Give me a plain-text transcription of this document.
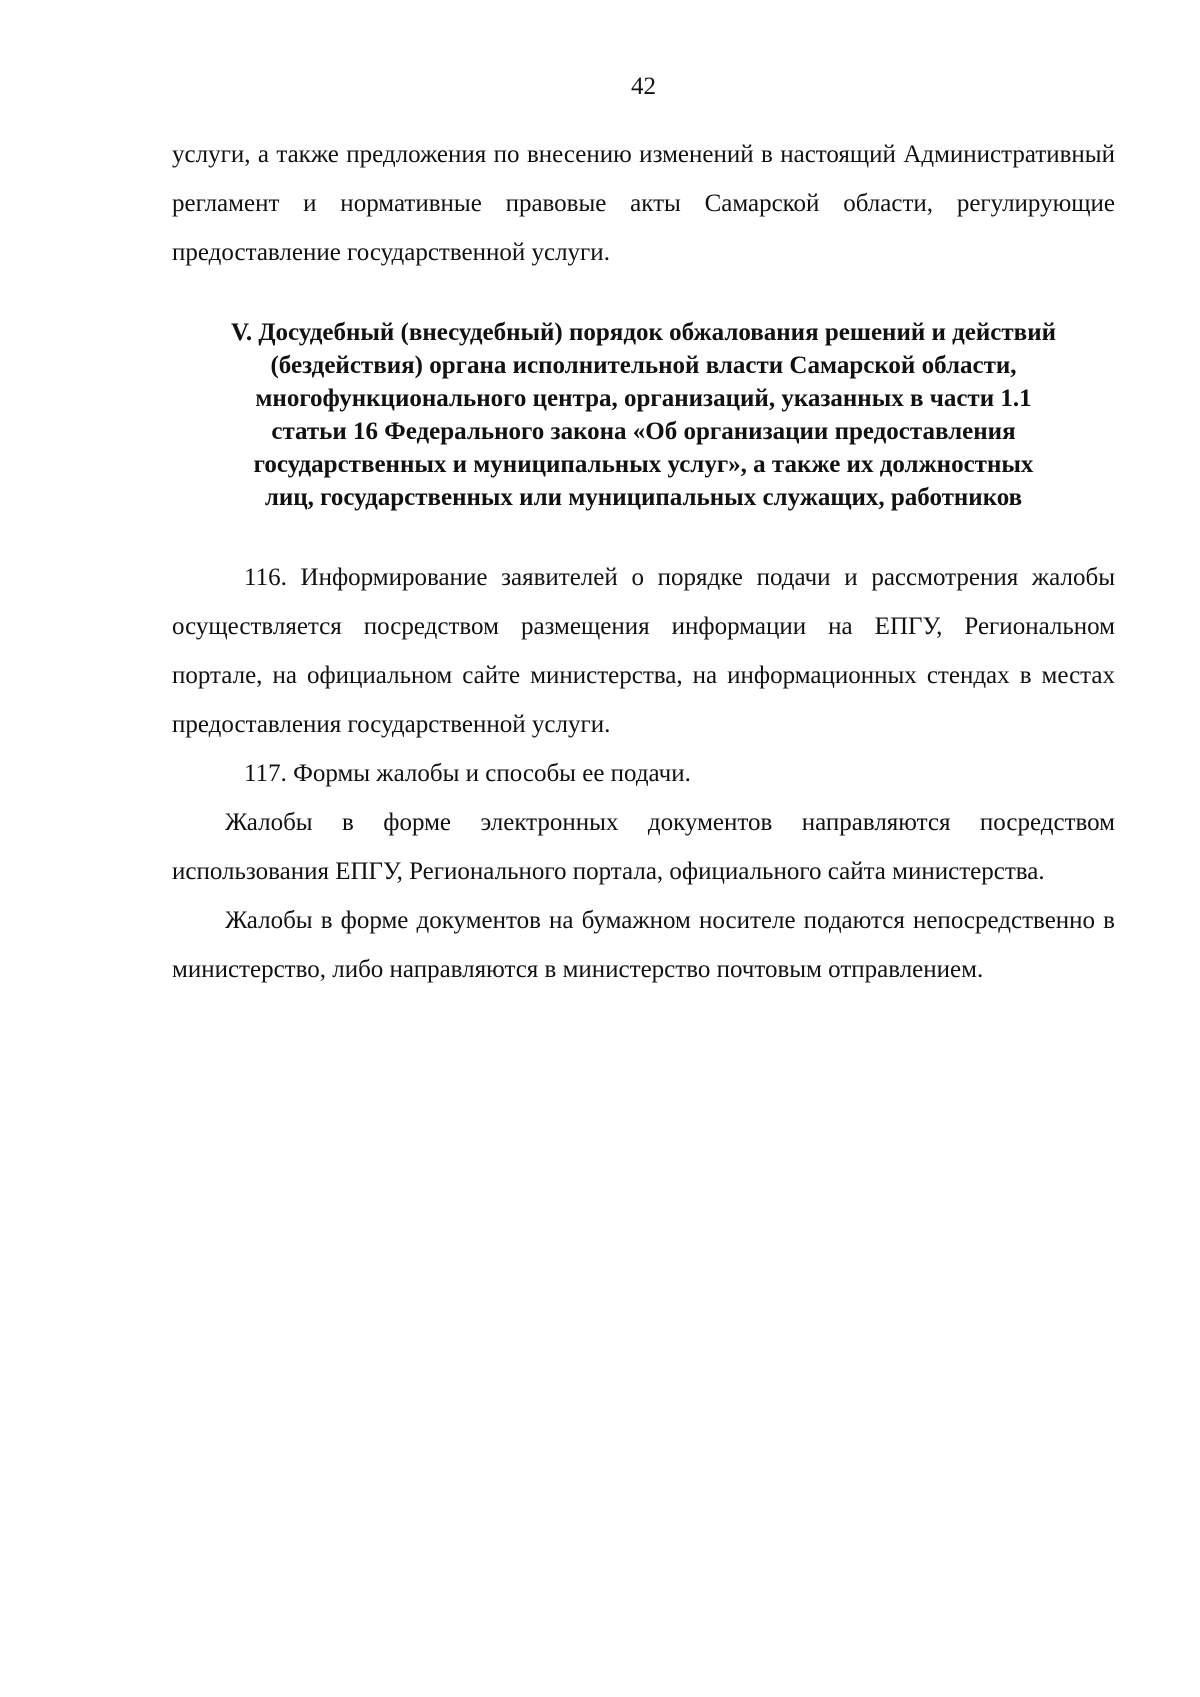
42

услуги, а также предложения по внесению изменений в настоящий Административный регламент и нормативные правовые акты Самарской области, регулирующие предоставление государственной услуги.

V. Досудебный (внесудебный) порядок обжалования решений и действий
(бездействия) органа исполнительной власти Самарской области,
многофункционального центра, организаций, указанных в части 1.1
статьи 16 Федерального закона «Об организации предоставления
государственных и муниципальных услуг», а также их должностных
лиц, государственных или муниципальных служащих, работников

116. Информирование заявителей о порядке подачи и рассмотрения жалобы осуществляется посредством размещения информации на ЕПГУ, Региональном портале, на официальном сайте министерства, на информационных стендах в местах предоставления государственной услуги.

117. Формы жалобы и способы ее подачи.

Жалобы в форме электронных документов направляются посредством использования ЕПГУ, Регионального портала, официального сайта министерства.

Жалобы в форме документов на бумажном носителе подаются непосредственно в министерство, либо направляются в министерство почтовым отправлением.
